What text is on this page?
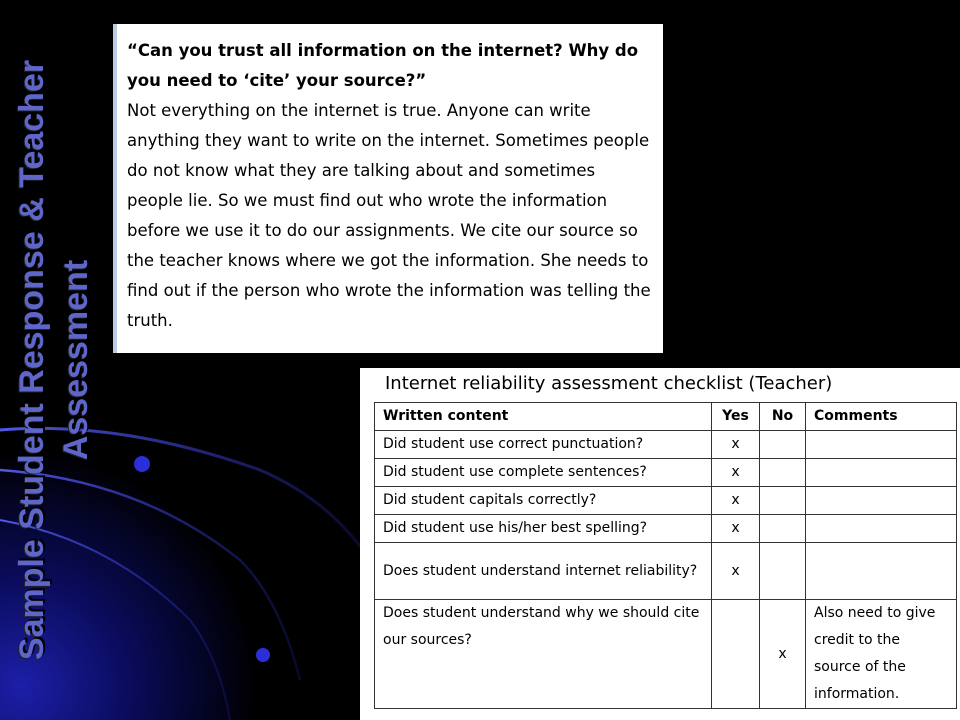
Sample Student Response & Teacher Assessment
“Can you trust all information on the internet? Why do you need to ‘cite’ your source?”
Not everything on the internet is true. Anyone can write anything they want to write on the internet. Sometimes people do not know what they are talking about and sometimes people lie. So we must find out who wrote the information before we use it to do our assignments. We cite our source so the teacher knows where we got the information. She needs to find out if the person who wrote the information was telling the truth.
Internet reliability assessment checklist (Teacher)
Written content	Yes	No	Comments
Did student use correct punctuation?	x		
Did student use complete sentences?	x		
Did student capitals correctly?	x		
Did student use his/her best spelling?	x		
Does student understand internet reliability?	x		
Does student understand why we should cite our sources?		x	Also need to give credit to the source of the information.
